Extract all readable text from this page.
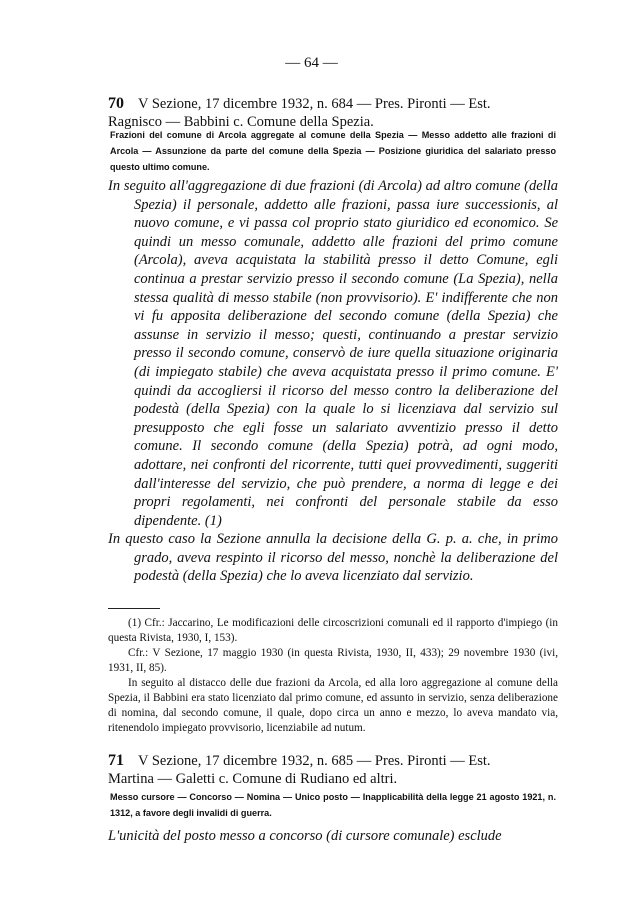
— 64 —
70 V Sezione, 17 dicembre 1932, n. 684 — Pres. Pironti — Est.
Ragnisco — Babbini c. Comune della Spezia.
Frazioni del comune di Arcola aggregate al comune della Spezia — Messo addetto alle frazioni di Arcola — Assunzione da parte del comune della Spezia — Posizione giuridica del salariato presso questo ultimo comune.

In seguito all'aggregazione di due frazioni (di Arcola) ad altro comune (della Spezia) il personale, addetto alle frazioni, passa iure successionis, al nuovo comune, e vi passa col proprio stato giuridico ed economico. Se quindi un messo comunale, addetto alle frazioni del primo comune (Arcola), aveva acquistata la stabilità presso il detto Comune, egli continua a prestar servizio presso il secondo comune (La Spezia), nella stessa qualità di messo stabile (non provvisorio). E' indifferente che non vi fu apposita deliberazione del secondo comune (della Spezia) che assunse in servizio il messo; questi, continuando a prestar servizio presso il secondo comune, conservò de iure quella situazione originaria (di impiegato stabile) che aveva acquistata presso il primo comune. E' quindi da accogliersi il ricorso del messo contro la deliberazione del podestà (della Spezia) con la quale lo si licenziava dal servizio sul presupposto che egli fosse un salariato avventizio presso il detto comune. Il secondo comune (della Spezia) potrà, ad ogni modo, adottare, nei confronti del ricorrente, tutti quei provvedimenti, suggeriti dall'interesse del servizio, che può prendere, a norma di legge e dei propri regolamenti, nei confronti del personale stabile da esso dipendente. (1)

In questo caso la Sezione annulla la decisione della G. p. a. che, in primo grado, aveva respinto il ricorso del messo, nonchè la deliberazione del podestà (della Spezia) che lo aveva licenziato dal servizio.

(1) Cfr.: Jaccarino, Le modificazioni delle circoscrizioni comunali ed il rapporto d'impiego (in questa Rivista, 1930, I, 153).

Cfr.: V Sezione, 17 maggio 1930 (in questa Rivista, 1930, II, 433); 29 novembre 1930 (ivi, 1931, II, 85).

In seguito al distacco delle due frazioni da Arcola, ed alla loro aggregazione al comune della Spezia, il Babbini era stato licenziato dal primo comune, ed assunto in servizio, senza deliberazione di nomina, dal secondo comune, il quale, dopo circa un anno e mezzo, lo aveva mandato via, ritenendolo impiegato provvisorio, licenziabile ad nutum.

71 V Sezione, 17 dicembre 1932, n. 685 — Pres. Pironti — Est.
Martina — Galetti c. Comune di Rudiano ed altri.
Messo cursore — Concorso — Nomina — Unico posto — Inapplicabilità della legge 21 agosto 1921, n. 1312, a favore degli invalidi di guerra.
L'unicità del posto messo a concorso (di cursore comunale) esclude
